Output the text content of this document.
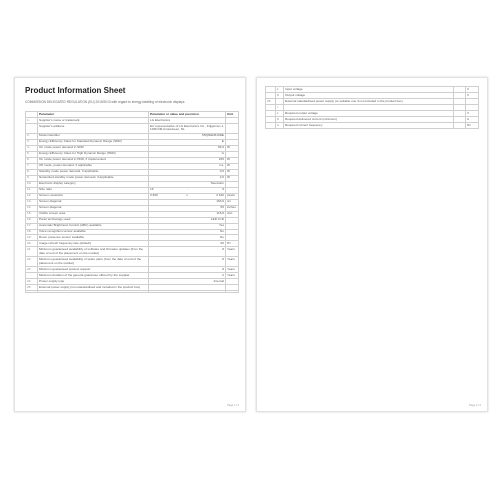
Product Information Sheet
COMMISSION DELEGATED REGULATION (EU) 2019/2013 with regard to energy labelling of electronic displays
	Parameter	Parameter or value and precision	Unit
1.	Supplier's name or trademark	LG Electronics	
	Supplier's address	EU representative of LG Electronics Inc., Krijgsman 1, 1186 DM Amstelveen, NL	
2.	Model identifier	65QNED816RE	
3.	Energy Efficiency Class for Standard Dynamic Range (SDR)	E	
4.	On mode power demand in SDR	84,9	W
5.	Energy Efficiency Class for High Dynamic Range (HDR)	G	
6.	On mode power demand in HDR, if implemented	165	W
7.	Off mode, power demand, if applicable	n.a.	W
8.	Standby mode power demand, if applicable	0,5	W
9.	Networked standby mode power demand, if applicable	2,0	W
10.	Electronic display category	Television	
11.	Size ratio	16 : 9	

12.	Screen resolution	3 840 x 2 160	pixels
13.	Screen diagonal	163,9	cm
14.	Screen diagonal	65	inches
15.	Visible screen area	116,8	dm²
16.	Panel technology used	LED LCD	
17.	Automatic Brightness Control (ABC) available	Yes	
18.	Voice recognition sensor available	No	
19.	Room presence sensor available	No	
20.	Image refresh frequency rate (default)	60	Hz
21.	Minimum guaranteed availability of software and firmware updates (from the date of end of the placement on the market)	8	Years
22.	Minimum guaranteed availability of spare parts (from the date of end of the placement on the market)	8	Years
23.	Minimum guaranteed product support	8	Years
	Minimum duration of the general guarantee offered by the supplier	2	Years
24.	Power supply type	Internal	
25.	External power supply (non-standardised and included in the product box)		

Page 1 / 2
	ii	Input voltage		V
	iii	Output voltage		V
26.		External standardised power supply (or suitable one if not included in the product box)		
	i			
	ii	Required output voltage		V
	iii	Required delivered current (minimum)		A
	iv	Required current frequency		Hz
Page 2 / 2
